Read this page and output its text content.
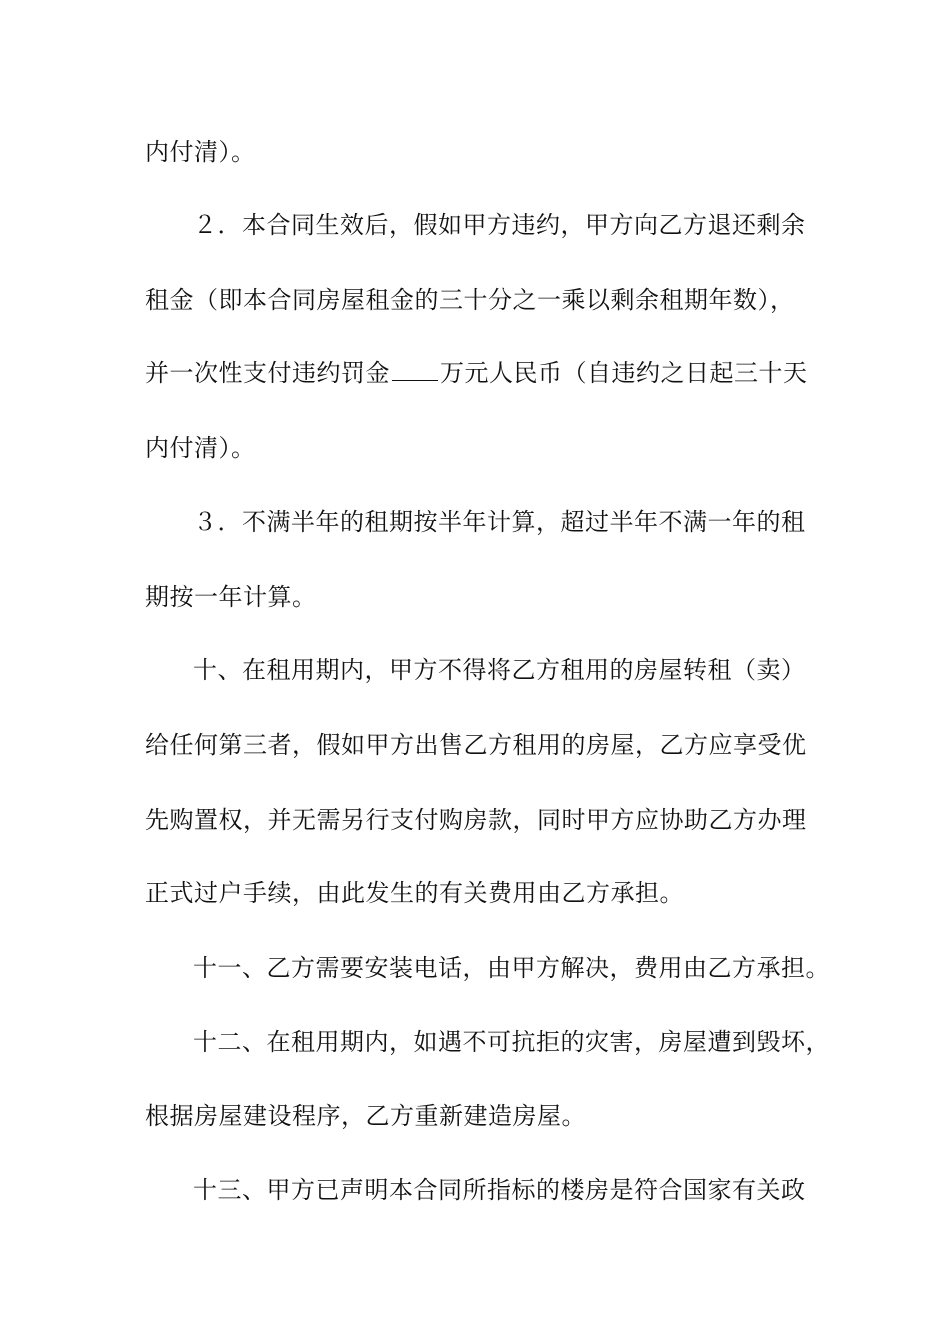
内付清）。
２．本合同生效后，假如甲方违约，甲方向乙方退还剩余
租金（即本合同房屋租金的三十分之一乘以剩余租期年数），
并一次性支付违约罚金 万元人民币（自违约之日起三十天
内付清）。
３．不满半年的租期按半年计算，超过半年不满一年的租
期按一年计算。
十、在租用期内，甲方不得将乙方租用的房屋转租（卖）
给任何第三者，假如甲方出售乙方租用的房屋，乙方应享受优
先购置权，并无需另行支付购房款，同时甲方应协助乙方办理
正式过户手续，由此发生的有关费用由乙方承担。
十一、乙方需要安装电话，由甲方解决，费用由乙方承担。
十二、在租用期内，如遇不可抗拒的灾害，房屋遭到毁坏，
根据房屋建设程序，乙方重新建造房屋。
十三、甲方已声明本合同所指标的楼房是符合国家有关政
